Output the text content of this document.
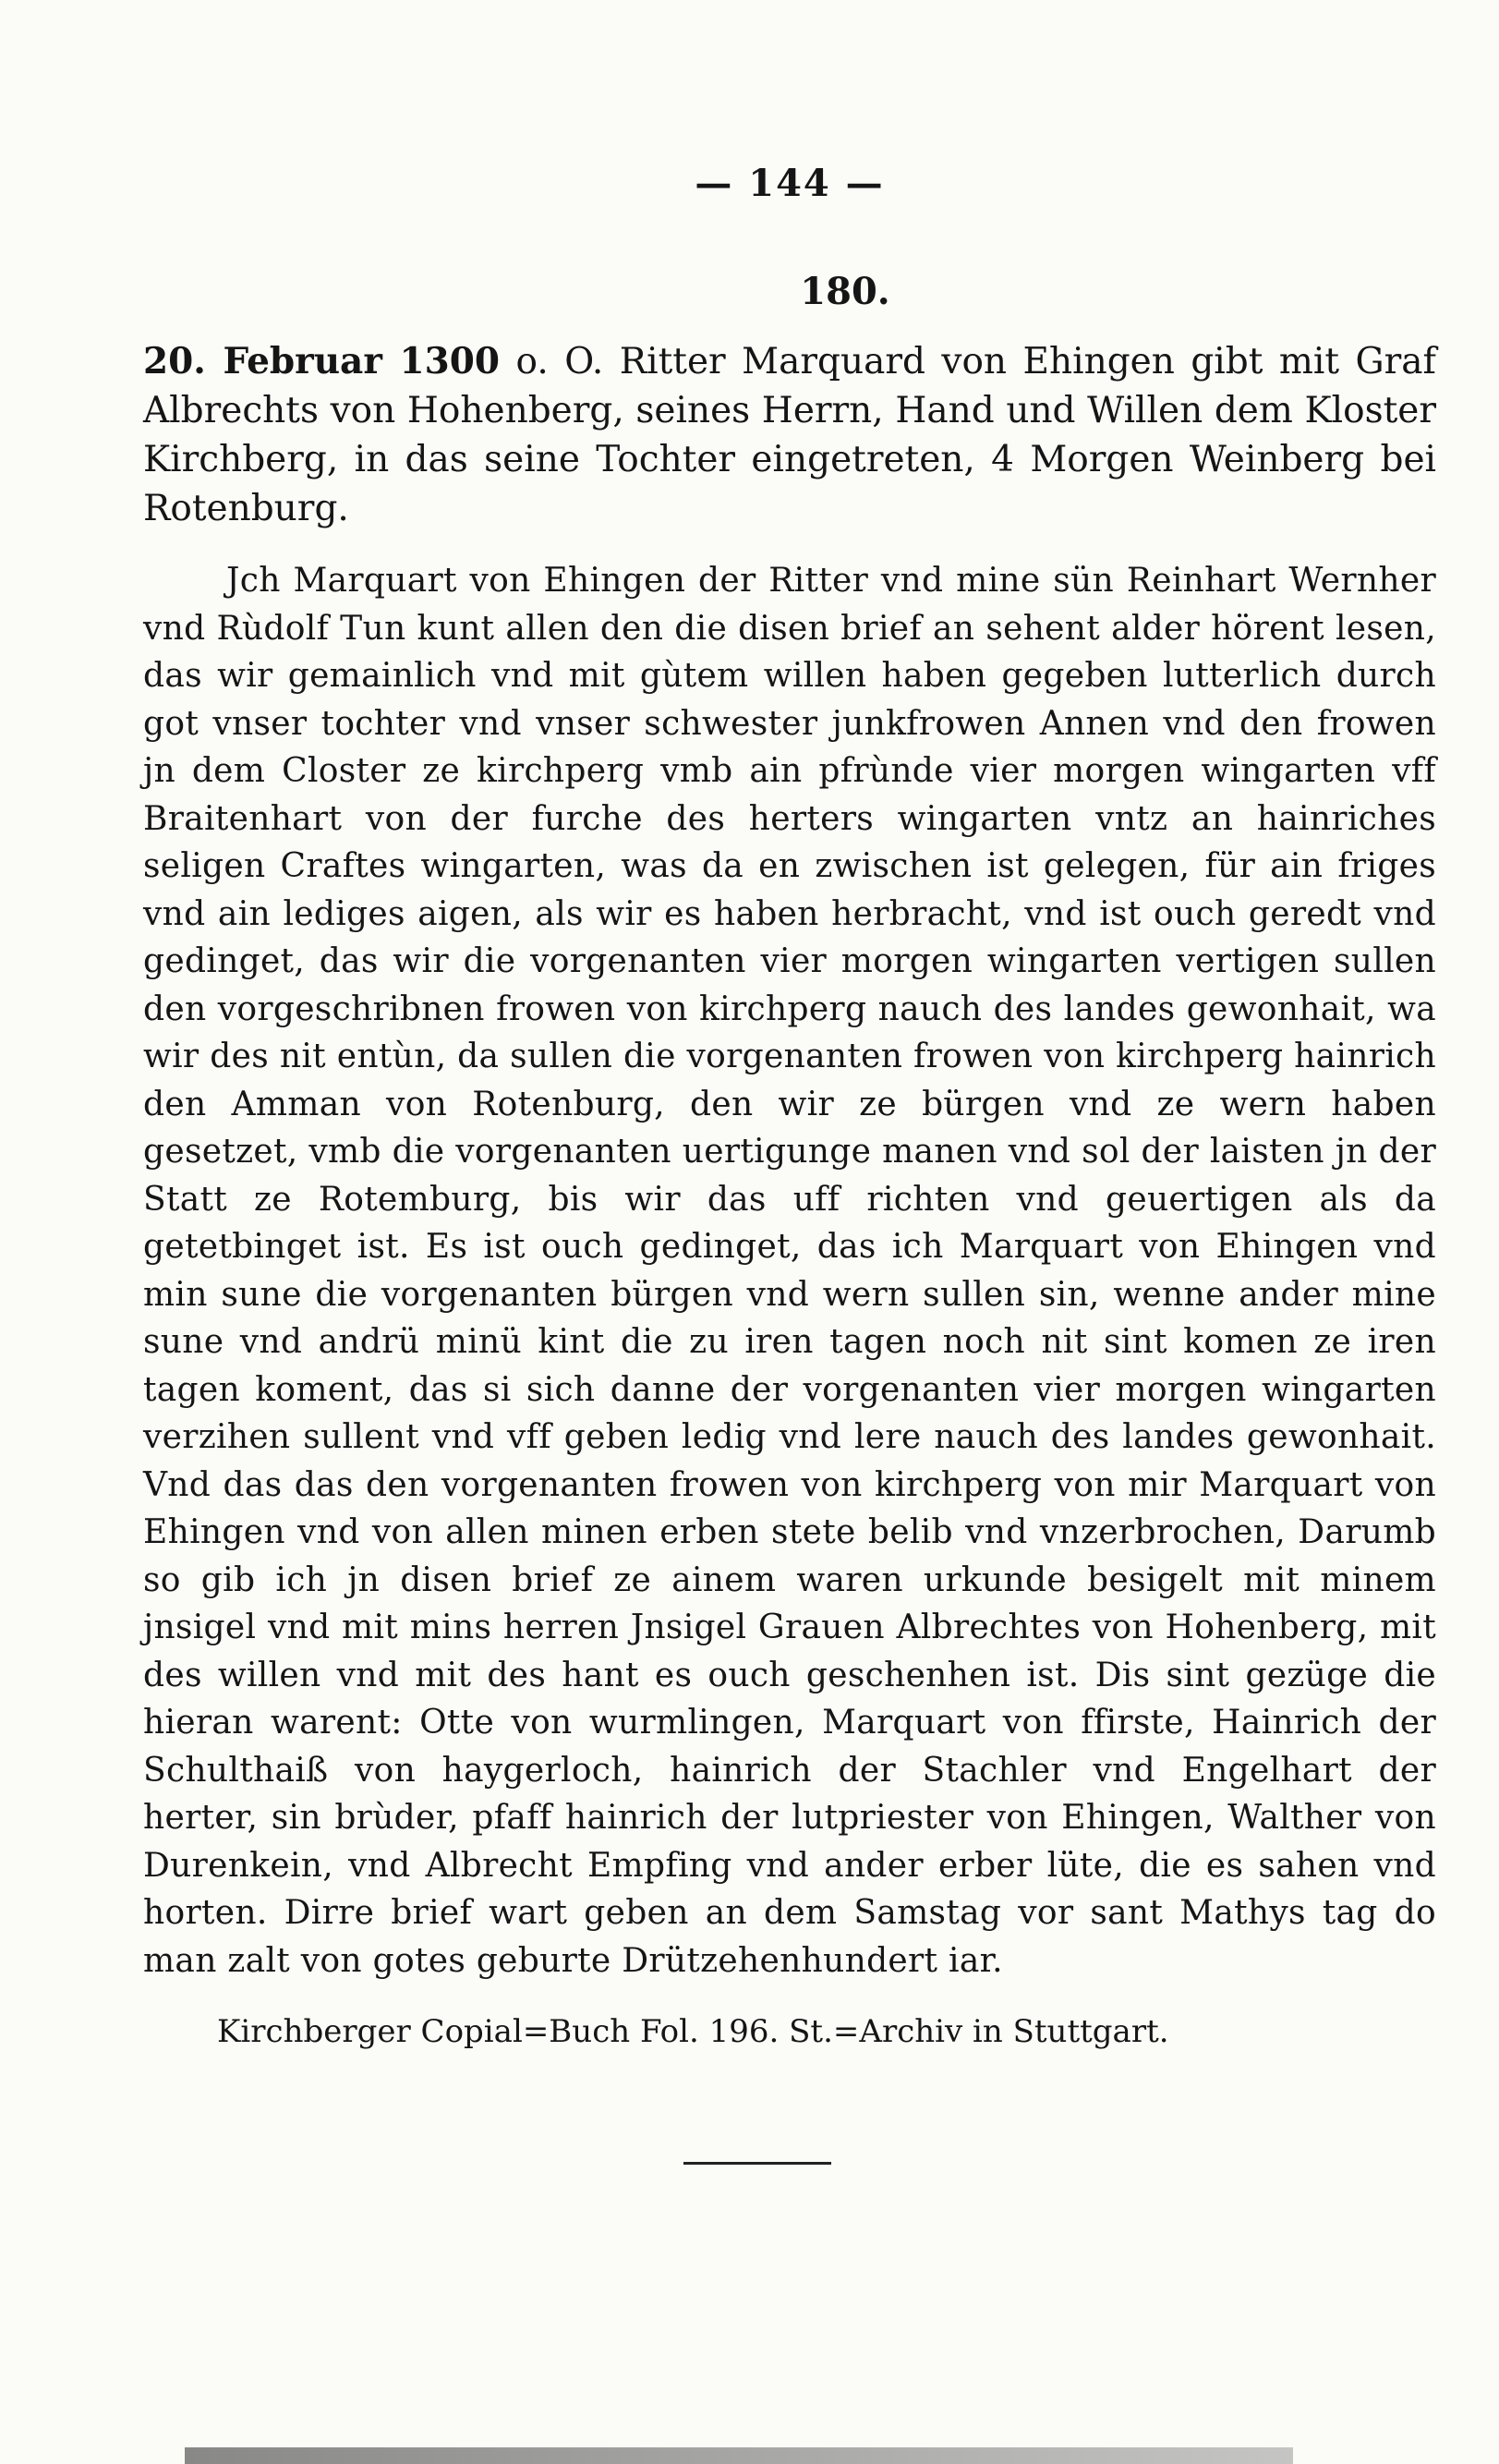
— 144 —
180.

20. Februar 1300 o. O. Ritter Marquard von Ehingen gibt mit Graf Albrechts von Hohenberg, seines Herrn, Hand und Willen dem Kloster Kirchberg, in das seine Tochter eingetreten, 4 Morgen Weinberg bei Rotenburg.

Jch Marquart von Ehingen der Ritter vnd mine sün Reinhart Wernher vnd Rùdolf Tun kunt allen den die disen brief an sehent alder hörent lesen, das wir gemainlich vnd mit gùtem willen haben gegeben lutterlich durch got vnser tochter vnd vnser schwester junkfrowen Annen vnd den frowen jn dem Closter ze kirchperg vmb ain pfrùnde vier morgen wingarten vff Braitenhart von der furche des herters wingarten vntz an hainriches seligen Craftes wingarten, was da en zwischen ist gelegen, für ain friges vnd ain lediges aigen, als wir es haben herbracht, vnd ist ouch geredt vnd gedinget, das wir die vorgenanten vier morgen wingarten vertigen sullen den vorgeschribnen frowen von kirchperg nauch des landes gewonhait, wa wir des nit entùn, da sullen die vorgenanten frowen von kirchperg hainrich den Amman von Rotenburg, den wir ze bürgen vnd ze wern haben gesetzet, vmb die vorgenanten uertigunge manen vnd sol der laisten jn der Statt ze Rotemburg, bis wir das uff richten vnd geuertigen als da getetbinget ist. Es ist ouch gedinget, das ich Marquart von Ehingen vnd min sune die vorgenanten bürgen vnd wern sullen sin, wenne ander mine sune vnd andrü minü kint die zu iren tagen noch nit sint komen ze iren tagen koment, das si sich danne der vorgenanten vier morgen wingarten verzihen sullent vnd vff geben ledig vnd lere nauch des landes gewonhait. Vnd das das den vorgenanten frowen von kirchperg von mir Marquart von Ehingen vnd von allen minen erben stete belib vnd vnzerbrochen, Darumb so gib ich jn disen brief ze ainem waren urkunde besigelt mit minem jnsigel vnd mit mins herren Jnsigel Grauen Albrechtes von Hohenberg, mit des willen vnd mit des hant es ouch geschenhen ist. Dis sint gezüge die hieran warent: Otte von wurmlingen, Marquart von ffirste, Hainrich der Schulthaiß von haygerloch, hainrich der Stachler vnd Engelhart der herter, sin brùder, pfaff hainrich der lutpriester von Ehingen, Walther von Durenkein, vnd Albrecht Empfing vnd ander erber lüte, die es sahen vnd horten. Dirre brief wart geben an dem Samstag vor sant Mathys tag do man zalt von gotes geburte Drützehenhundert iar.

Kirchberger Copial=Buch Fol. 196. St.=Archiv in Stuttgart.
